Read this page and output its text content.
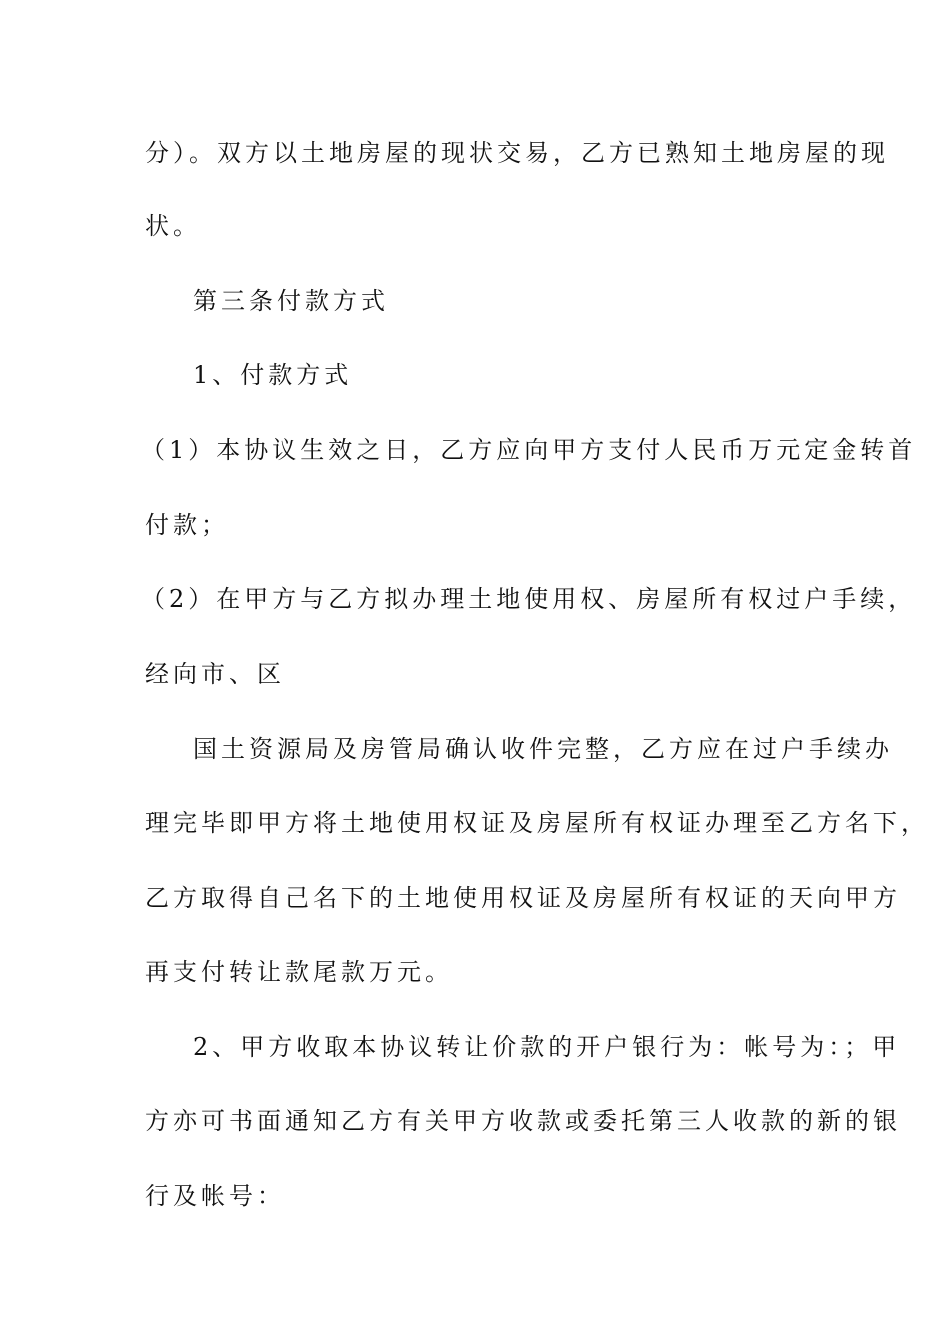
分）。双方以土地房屋的现状交易，乙方已熟知土地房屋的现
状。
第三条付款方式
1、付款方式
（1）本协议生效之日，乙方应向甲方支付人民币万元定金转首
付款；
（2）在甲方与乙方拟办理土地使用权、房屋所有权过户手续，
经向市、区
国土资源局及房管局确认收件完整，乙方应在过户手续办
理完毕即甲方将土地使用权证及房屋所有权证办理至乙方名下，
乙方取得自己名下的土地使用权证及房屋所有权证的天向甲方
再支付转让款尾款万元。
2、甲方收取本协议转让价款的开户银行为：帐号为：；甲
方亦可书面通知乙方有关甲方收款或委托第三人收款的新的银
行及帐号：
